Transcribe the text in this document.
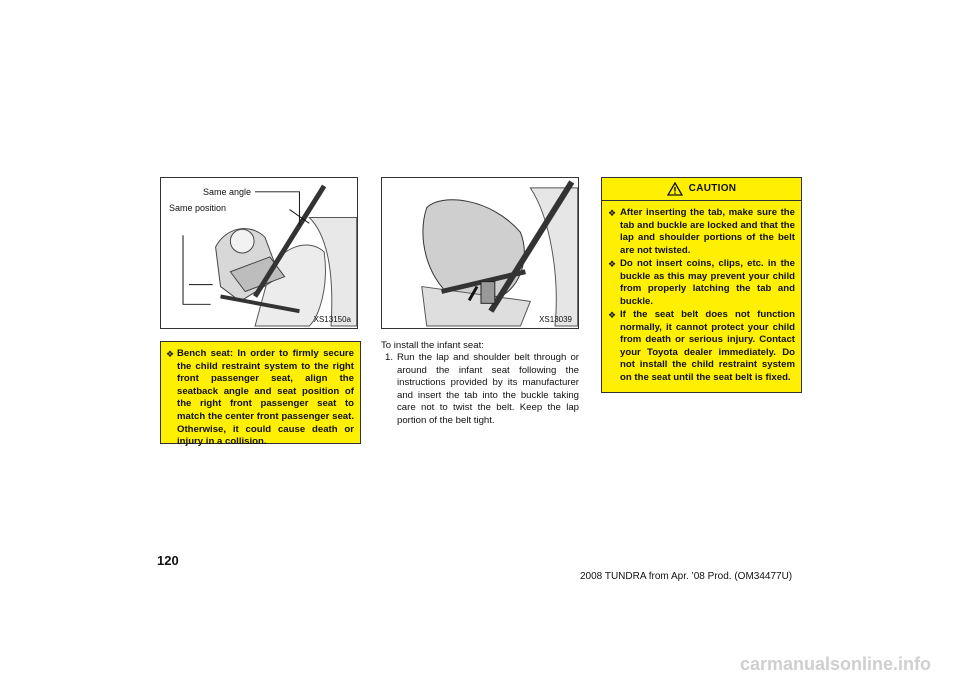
Same angle
Same position
XS13150a
❖ Bench seat: In order to firmly secure the child restraint system to the right front passenger seat, align the seatback angle and seat position of the right front passenger seat to match the center front passenger seat. Otherwise, it could cause death or injury in a collision.
XS13039
To install the infant seat:
1. Run the lap and shoulder belt through or around the infant seat following the instructions provided by its manufacturer and insert the tab into the buckle taking care not to twist the belt. Keep the lap portion of the belt tight.
CAUTION
❖ After inserting the tab, make sure the tab and buckle are locked and that the lap and shoulder portions of the belt are not twisted.
❖ Do not insert coins, clips, etc. in the buckle as this may prevent your child from properly latching the tab and buckle.
❖ If the seat belt does not function normally, it cannot protect your child from death or serious injury. Contact your Toyota dealer immediately. Do not install the child restraint system on the seat until the seat belt is fixed.
120
2008 TUNDRA from Apr. ’08 Prod. (OM34477U)
carmanualsonline.info
